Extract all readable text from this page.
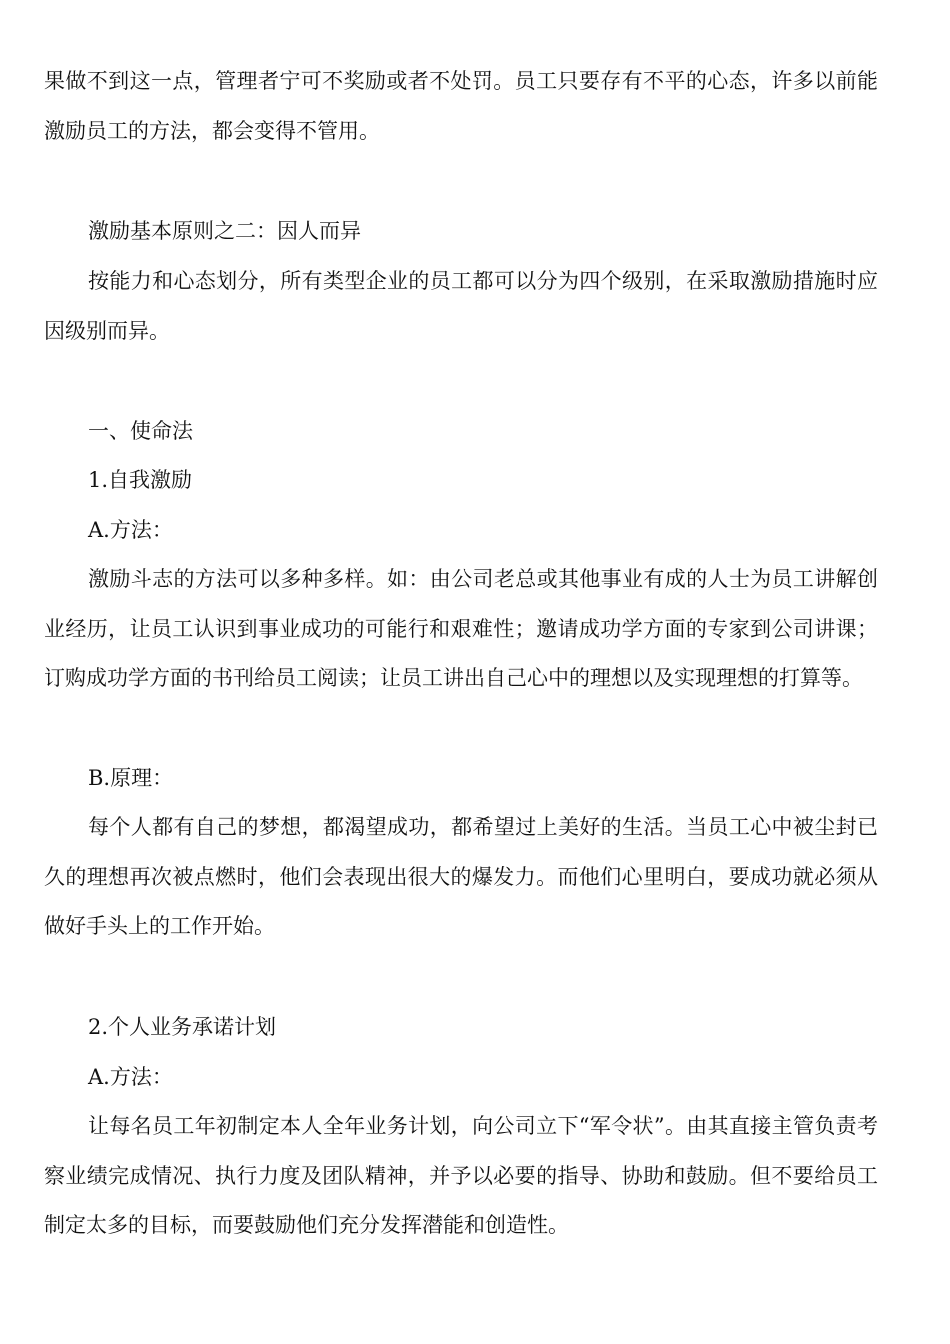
果做不到这一点，管理者宁可不奖励或者不处罚。员工只要存有不平的心态，许多以前能激励员工的方法，都会变得不管用。

激励基本原则之二：因人而异

按能力和心态划分，所有类型企业的员工都可以分为四个级别，在采取激励措施时应因级别而异。

一、使命法

1.自我激励

A.方法：

激励斗志的方法可以多种多样。如：由公司老总或其他事业有成的人士为员工讲解创业经历，让员工认识到事业成功的可能行和艰难性；邀请成功学方面的专家到公司讲课；订购成功学方面的书刊给员工阅读；让员工讲出自己心中的理想以及实现理想的打算等。

B.原理：

每个人都有自己的梦想，都渴望成功，都希望过上美好的生活。当员工心中被尘封已久的理想再次被点燃时，他们会表现出很大的爆发力。而他们心里明白，要成功就必须从做好手头上的工作开始。

2.个人业务承诺计划

A.方法：

让每名员工年初制定本人全年业务计划，向公司立下“军令状”。由其直接主管负责考察业绩完成情况、执行力度及团队精神，并予以必要的指导、协助和鼓励。但不要给员工制定太多的目标，而要鼓励他们充分发挥潜能和创造性。
